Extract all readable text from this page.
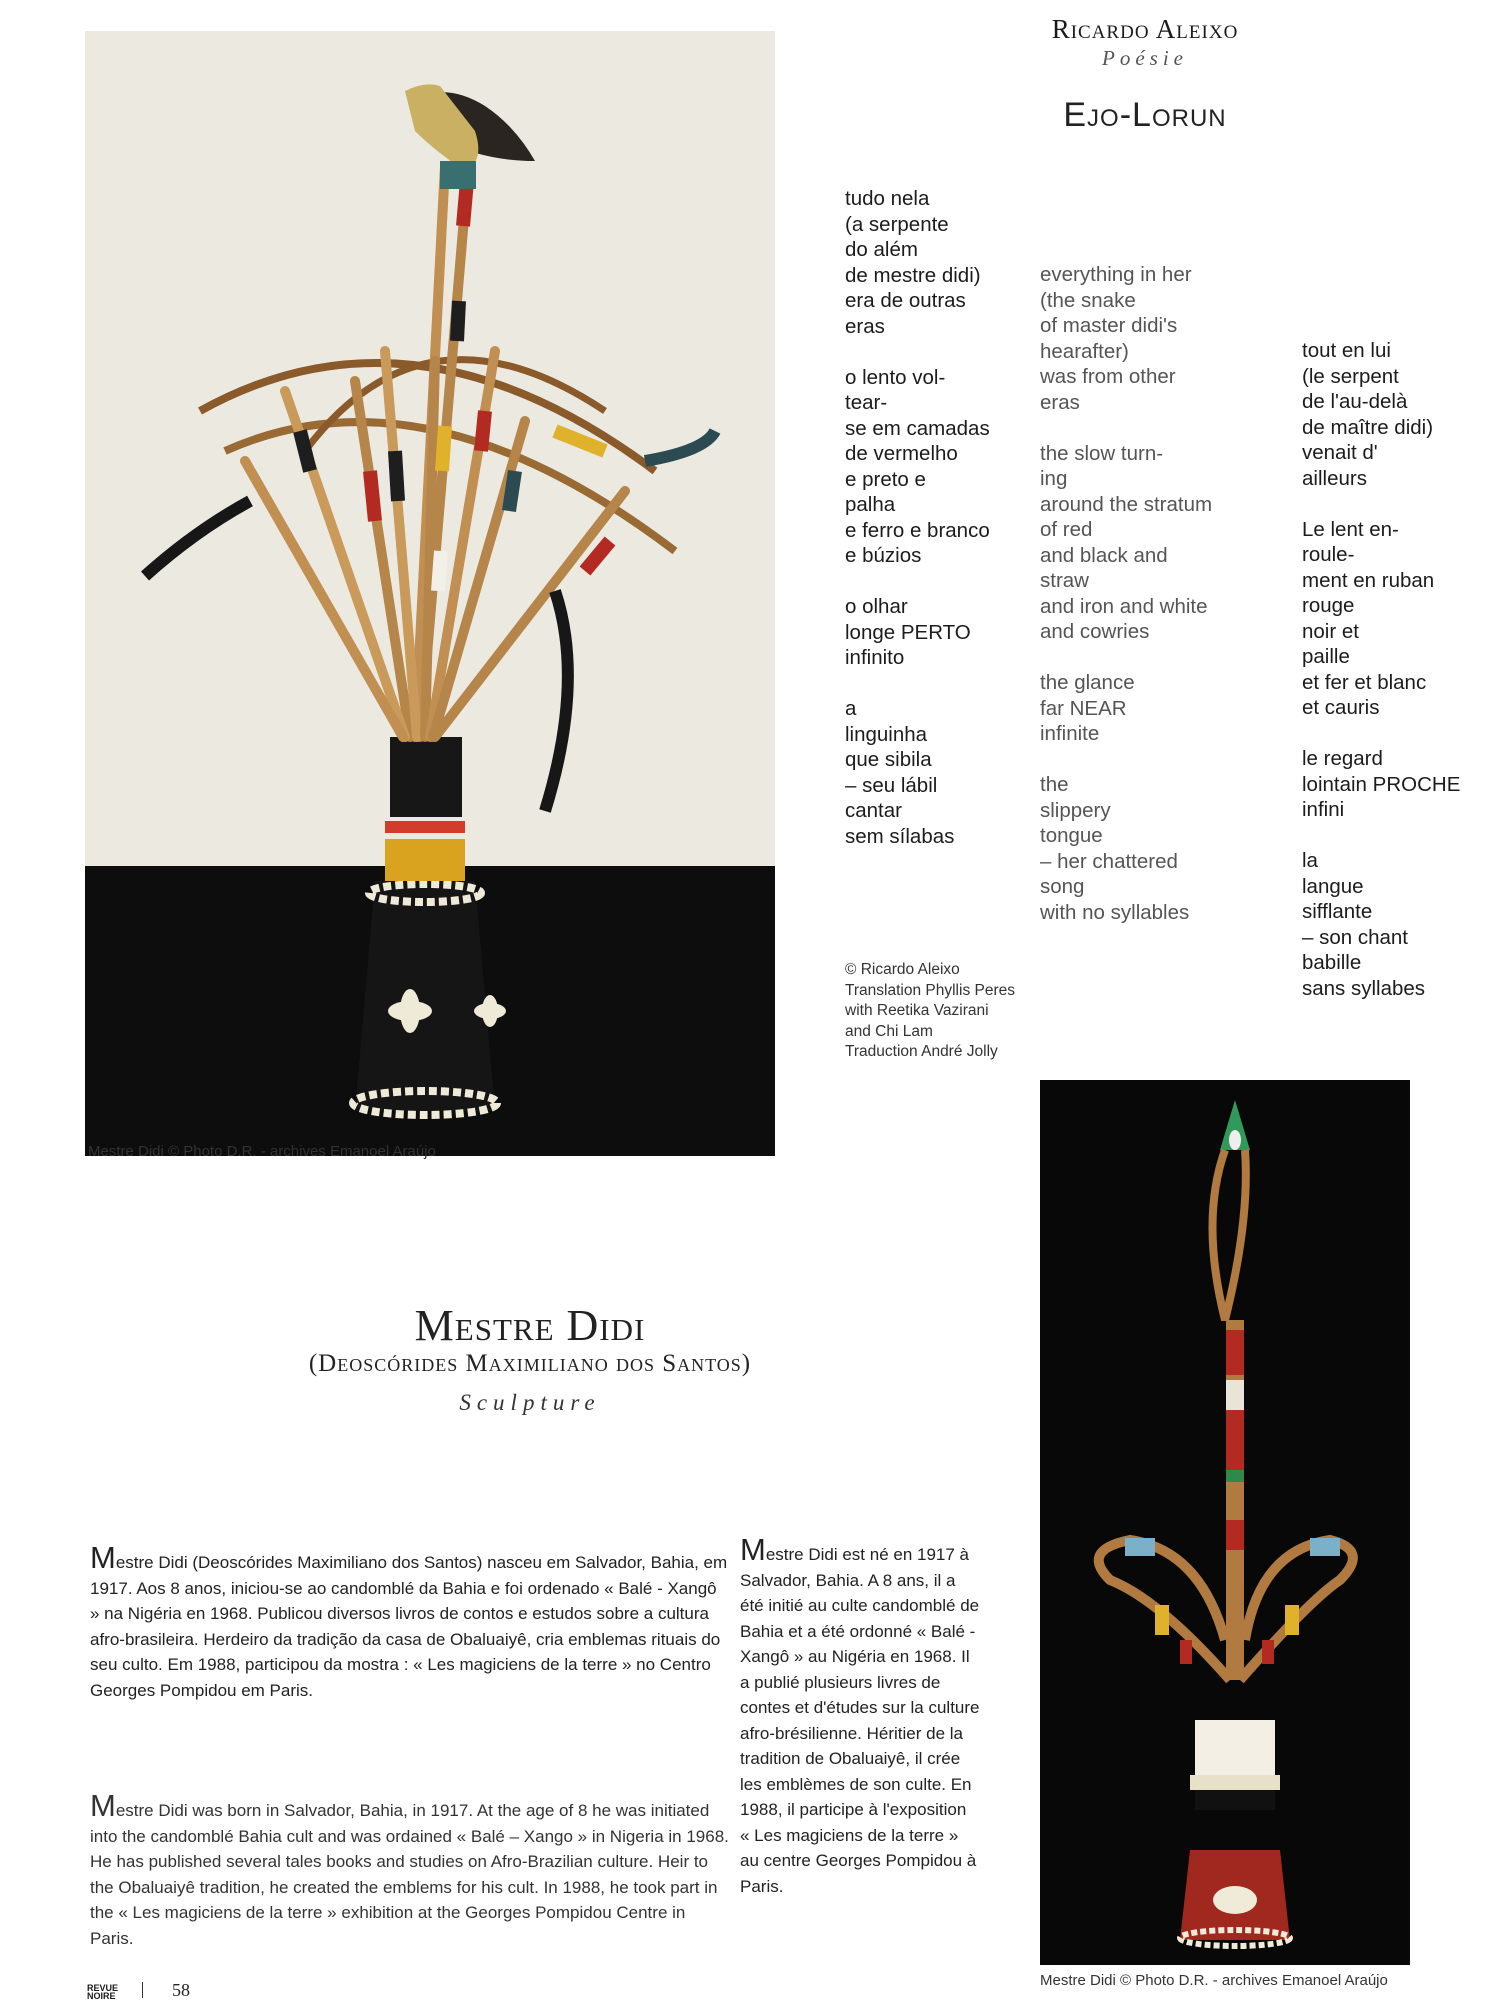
Mestre Didi © Photo D.R. - archives Emanoel Araújo
Ricardo Aleixo
Poésie
Ejo-Lorun
tudo nela
(a serpente
do além
de mestre didi)
era de outras
eras
o lento vol-
tear-
se em camadas
de vermelho
e preto e
palha
e ferro e branco
e búzios
o olhar
longe PERTO
infinito
a
linguinha
que sibila
– seu lábil
cantar
sem sílabas
everything in her
(the snake
of master didi's
hearafter)
was from other
eras
the slow turn-
ing
around the stratum
of red
and black and
straw
and iron and white
and cowries
the glance
far NEAR
infinite
the
slippery
tongue
– her chattered
song
with no syllables
tout en lui
(le serpent
de l'au-delà
de maître didi)
venait d'
ailleurs
Le lent en-
roule-
ment en ruban
rouge
noir et
paille
et fer et blanc
et cauris
le regard
lointain PROCHE
infini
la
langue
sifflante
– son chant
babille
sans syllabes
© Ricardo Aleixo
Translation Phyllis Peres
with Reetika Vazirani
and Chi Lam
Traduction André Jolly
Mestre Didi
(Deoscórides Maximiliano dos Santos)
Sculpture
Mestre Didi (Deoscórides Maximiliano dos Santos) nasceu em Salvador, Bahia, em 1917. Aos 8 anos, iniciou-se ao candomblé da Bahia e foi ordenado « Balé - Xangô » na Nigéria en 1968. Publicou diversos livros de contos e estudos sobre a cultura afro-brasileira. Herdeiro da tradição da casa de Obaluaiyê, cria emblemas rituais do seu culto. Em 1988, participou da mostra : « Les magiciens de la terre » no Centro Georges Pompidou em Paris.
Mestre Didi was born in Salvador, Bahia, in 1917. At the age of 8 he was initiated into the candomblé Bahia cult and was ordained « Balé – Xango » in Nigeria in 1968. He has published several tales books and studies on Afro-Brazilian culture. Heir to the Obaluaiyê tradition, he created the emblems for his cult. In 1988, he took part in the « Les magiciens de la terre » exhibition at the Georges Pompidou Centre in Paris.
Mestre Didi est né en 1917 à Salvador, Bahia. A 8 ans, il a été initié au culte candomblé de Bahia et a été ordonné « Balé - Xangô » au Nigéria en 1968. Il a publié plusieurs livres de contes et d'études sur la culture afro-brésilienne. Héritier de la tradition de Obaluaiyê, il crée les emblèmes de son culte. En 1988, il participe à l'exposition « Les magiciens de la terre » au centre Georges Pompidou à Paris.
Mestre Didi © Photo D.R. - archives Emanoel Araújo
REVUE
NOIRE	58
